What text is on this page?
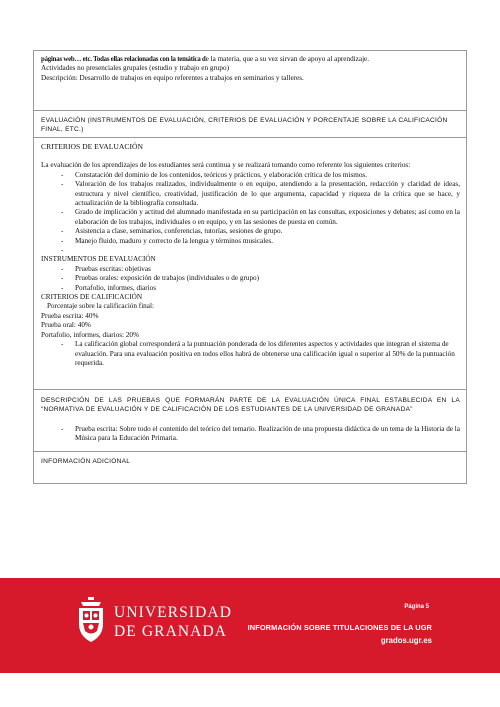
páginas web… etc. Todas ellas relacionadas con la temática de la materia, que a su vez sirvan de apoyo al aprendizaje.
Actividades no presenciales grupales (estudio y trabajo en grupo)
Descripción: Desarrollo de trabajos en equipo referentes a trabajos en seminarios y talleres.
EVALUACIÓN (INSTRUMENTOS DE EVALUACIÓN, CRITERIOS DE EVALUACIÓN Y PORCENTAJE SOBRE LA CALIFICACIÓN FINAL, ETC.)
CRITERIOS DE EVALUACIÓN
La evaluación de los aprendizajes de los estudiantes será continua y se realizará tomando como referente los siguientes criterios:
- Constatación del dominio de los contenidos, teóricos y prácticos, y elaboración crítica de los mismos.
- Valoración de los trabajos realizados, individualmente o en equipo, atendiendo a la presentación, redacción y claridad de ideas, estructura y nivel científico, creatividad, justificación de lo que argumenta, capacidad y riqueza de la crítica que se hace, y actualización de la bibliografía consultada.
- Grado de implicación y actitud del alumnado manifestada en su participación en las consultas, exposiciones y debates; así como en la elaboración de los trabajos, individuales o en equipo, y en las sesiones de puesta en común.
- Asistencia a clase, seminarios, conferencias, tutorías, sesiones de grupo.
- Manejo fluido, maduro y correcto de la lengua y términos musicales.
-
INSTRUMENTOS DE EVALUACIÓN
- Pruebas escritas: objetivas
- Pruebas orales: exposición de trabajos (individuales o de grupo)
- Portafolio, informes, diarios
CRITERIOS DE CALIFICACIÓN
Porcentaje sobre la calificación final:
Prueba escrita: 40%
Prueba oral: 40%
Portafolio, informes, diarios: 20%
- La calificación global corresponderá a la puntuación ponderada de los diferentes aspectos y actividades que integran el sistema de evaluación. Para una evaluación positiva en todos ellos habrá de obtenerse una calificación igual o superior al 50% de la puntuación requerida.
DESCRIPCIÓN DE LAS PRUEBAS QUE FORMARÁN PARTE DE LA EVALUACIÓN ÚNICA FINAL ESTABLECIDA EN LA “NORMATIVA DE EVALUACIÓN Y DE CALIFICACIÓN DE LOS ESTUDIANTES DE LA UNIVERSIDAD DE GRANADA”
- Prueba escrita: Sobre todo el contenido del teórico del temario. Realización de una propuesta didáctica de un tema de la Historia de la Música para la Educación Primaria.
INFORMACIÓN ADICIONAL
UNIVERSIDAD
DE GRANADA
Página 5
INFORMACIÓN SOBRE TITULACIONES DE LA UGR
grados.ugr.es
